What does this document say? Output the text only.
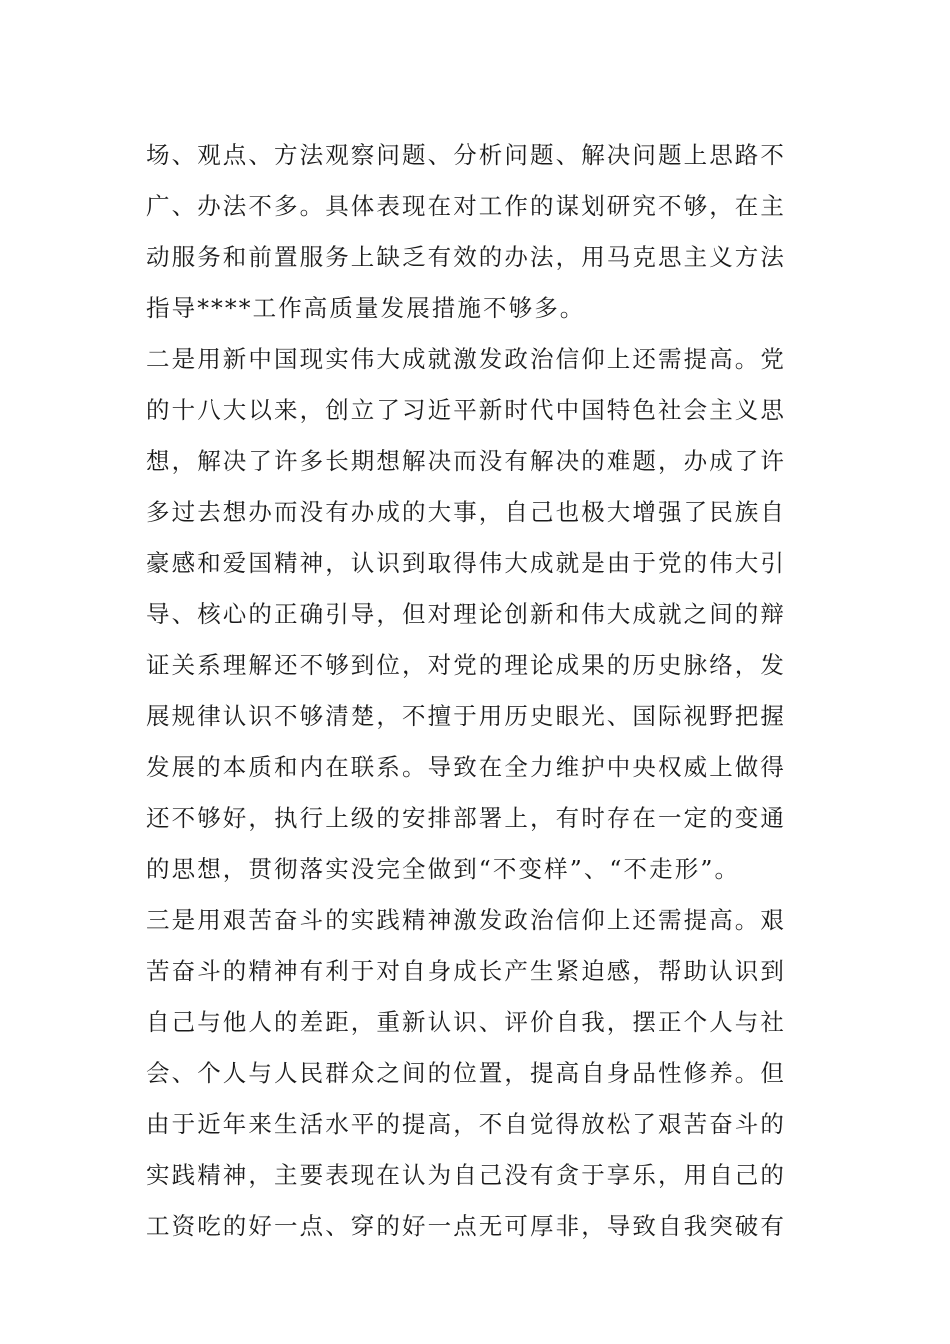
场、观点、方法观察问题、分析问题、解决问题上思路不
广、办法不多。具体表现在对工作的谋划研究不够，在主
动服务和前置服务上缺乏有效的办法，用马克思主义方法
指导****工作高质量发展措施不够多。
二是用新中国现实伟大成就激发政治信仰上还需提高。党
的十八大以来，创立了习近平新时代中国特色社会主义思
想，解决了许多长期想解决而没有解决的难题，办成了许
多过去想办而没有办成的大事，自己也极大增强了民族自
豪感和爱国精神，认识到取得伟大成就是由于党的伟大引
导、核心的正确引导，但对理论创新和伟大成就之间的辩
证关系理解还不够到位，对党的理论成果的历史脉络，发
展规律认识不够清楚，不擅于用历史眼光、国际视野把握
发展的本质和内在联系。导致在全力维护中央权威上做得
还不够好，执行上级的安排部署上，有时存在一定的变通
的思想，贯彻落实没完全做到“不变样”、“不走形”。
三是用艰苦奋斗的实践精神激发政治信仰上还需提高。艰
苦奋斗的精神有利于对自身成长产生紧迫感，帮助认识到
自己与他人的差距，重新认识、评价自我，摆正个人与社
会、个人与人民群众之间的位置，提高自身品性修养。但
由于近年来生活水平的提高，不自觉得放松了艰苦奋斗的
实践精神，主要表现在认为自己没有贪于享乐，用自己的
工资吃的好一点、穿的好一点无可厚非，导致自我突破有
